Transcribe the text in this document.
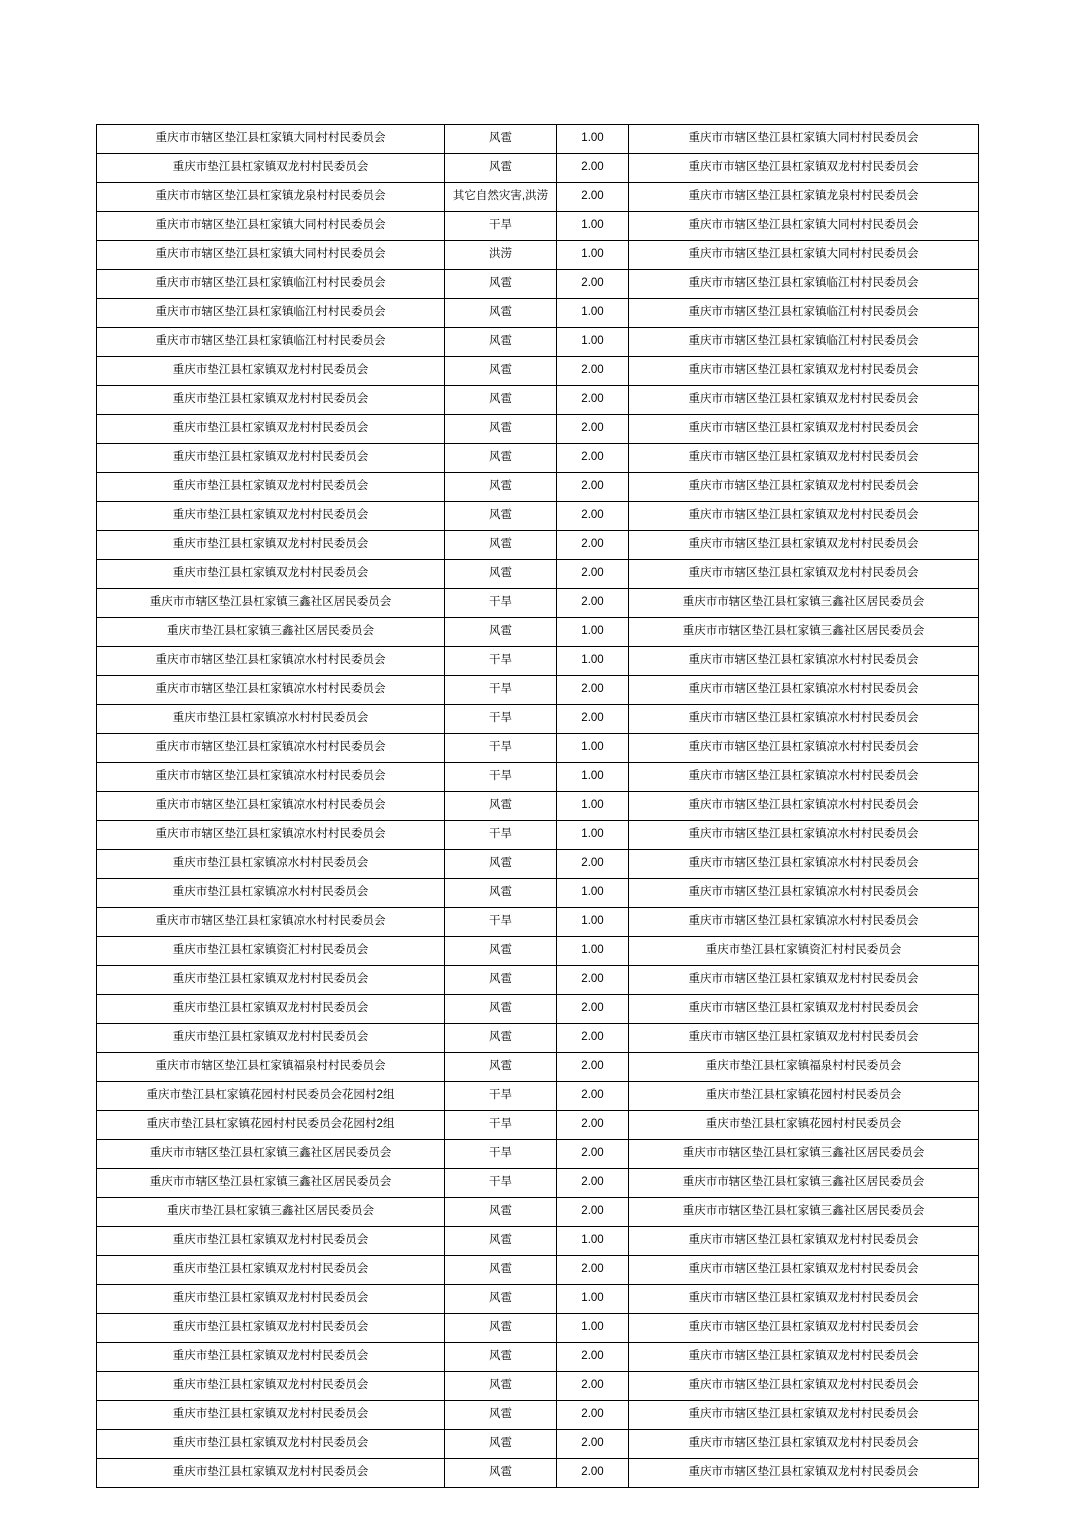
重庆市市辖区垫江县杠家镇大同村村民委员会	风雹	1.00	重庆市市辖区垫江县杠家镇大同村村民委员会
重庆市垫江县杠家镇双龙村村民委员会	风雹	2.00	重庆市市辖区垫江县杠家镇双龙村村民委员会
重庆市市辖区垫江县杠家镇龙泉村村民委员会	其它自然灾害,洪涝	2.00	重庆市市辖区垫江县杠家镇龙泉村村民委员会
重庆市市辖区垫江县杠家镇大同村村民委员会	干旱	1.00	重庆市市辖区垫江县杠家镇大同村村民委员会
重庆市市辖区垫江县杠家镇大同村村民委员会	洪涝	1.00	重庆市市辖区垫江县杠家镇大同村村民委员会
重庆市市辖区垫江县杠家镇临江村村民委员会	风雹	2.00	重庆市市辖区垫江县杠家镇临江村村民委员会
重庆市市辖区垫江县杠家镇临江村村民委员会	风雹	1.00	重庆市市辖区垫江县杠家镇临江村村民委员会
重庆市市辖区垫江县杠家镇临江村村民委员会	风雹	1.00	重庆市市辖区垫江县杠家镇临江村村民委员会
重庆市垫江县杠家镇双龙村村民委员会	风雹	2.00	重庆市市辖区垫江县杠家镇双龙村村民委员会
重庆市垫江县杠家镇双龙村村民委员会	风雹	2.00	重庆市市辖区垫江县杠家镇双龙村村民委员会
重庆市垫江县杠家镇双龙村村民委员会	风雹	2.00	重庆市市辖区垫江县杠家镇双龙村村民委员会
重庆市垫江县杠家镇双龙村村民委员会	风雹	2.00	重庆市市辖区垫江县杠家镇双龙村村民委员会
重庆市垫江县杠家镇双龙村村民委员会	风雹	2.00	重庆市市辖区垫江县杠家镇双龙村村民委员会
重庆市垫江县杠家镇双龙村村民委员会	风雹	2.00	重庆市市辖区垫江县杠家镇双龙村村民委员会
重庆市垫江县杠家镇双龙村村民委员会	风雹	2.00	重庆市市辖区垫江县杠家镇双龙村村民委员会
重庆市垫江县杠家镇双龙村村民委员会	风雹	2.00	重庆市市辖区垫江县杠家镇双龙村村民委员会
重庆市市辖区垫江县杠家镇三鑫社区居民委员会	干旱	2.00	重庆市市辖区垫江县杠家镇三鑫社区居民委员会
重庆市垫江县杠家镇三鑫社区居民委员会	风雹	1.00	重庆市市辖区垫江县杠家镇三鑫社区居民委员会
重庆市市辖区垫江县杠家镇凉水村村民委员会	干旱	1.00	重庆市市辖区垫江县杠家镇凉水村村民委员会
重庆市市辖区垫江县杠家镇凉水村村民委员会	干旱	2.00	重庆市市辖区垫江县杠家镇凉水村村民委员会
重庆市垫江县杠家镇凉水村村民委员会	干旱	2.00	重庆市市辖区垫江县杠家镇凉水村村民委员会
重庆市市辖区垫江县杠家镇凉水村村民委员会	干旱	1.00	重庆市市辖区垫江县杠家镇凉水村村民委员会
重庆市市辖区垫江县杠家镇凉水村村民委员会	干旱	1.00	重庆市市辖区垫江县杠家镇凉水村村民委员会
重庆市市辖区垫江县杠家镇凉水村村民委员会	风雹	1.00	重庆市市辖区垫江县杠家镇凉水村村民委员会
重庆市市辖区垫江县杠家镇凉水村村民委员会	干旱	1.00	重庆市市辖区垫江县杠家镇凉水村村民委员会
重庆市垫江县杠家镇凉水村村民委员会	风雹	2.00	重庆市市辖区垫江县杠家镇凉水村村民委员会
重庆市垫江县杠家镇凉水村村民委员会	风雹	1.00	重庆市市辖区垫江县杠家镇凉水村村民委员会
重庆市市辖区垫江县杠家镇凉水村村民委员会	干旱	1.00	重庆市市辖区垫江县杠家镇凉水村村民委员会
重庆市垫江县杠家镇资汇村村民委员会	风雹	1.00	重庆市垫江县杠家镇资汇村村民委员会
重庆市垫江县杠家镇双龙村村民委员会	风雹	2.00	重庆市市辖区垫江县杠家镇双龙村村民委员会
重庆市垫江县杠家镇双龙村村民委员会	风雹	2.00	重庆市市辖区垫江县杠家镇双龙村村民委员会
重庆市垫江县杠家镇双龙村村民委员会	风雹	2.00	重庆市市辖区垫江县杠家镇双龙村村民委员会
重庆市市辖区垫江县杠家镇福泉村村民委员会	风雹	2.00	重庆市垫江县杠家镇福泉村村民委员会
重庆市垫江县杠家镇花园村村民委员会花园村2组	干旱	2.00	重庆市垫江县杠家镇花园村村民委员会
重庆市垫江县杠家镇花园村村民委员会花园村2组	干旱	2.00	重庆市垫江县杠家镇花园村村民委员会
重庆市市辖区垫江县杠家镇三鑫社区居民委员会	干旱	2.00	重庆市市辖区垫江县杠家镇三鑫社区居民委员会
重庆市市辖区垫江县杠家镇三鑫社区居民委员会	干旱	2.00	重庆市市辖区垫江县杠家镇三鑫社区居民委员会
重庆市垫江县杠家镇三鑫社区居民委员会	风雹	2.00	重庆市市辖区垫江县杠家镇三鑫社区居民委员会
重庆市垫江县杠家镇双龙村村民委员会	风雹	1.00	重庆市市辖区垫江县杠家镇双龙村村民委员会
重庆市垫江县杠家镇双龙村村民委员会	风雹	2.00	重庆市市辖区垫江县杠家镇双龙村村民委员会
重庆市垫江县杠家镇双龙村村民委员会	风雹	1.00	重庆市市辖区垫江县杠家镇双龙村村民委员会
重庆市垫江县杠家镇双龙村村民委员会	风雹	1.00	重庆市市辖区垫江县杠家镇双龙村村民委员会
重庆市垫江县杠家镇双龙村村民委员会	风雹	2.00	重庆市市辖区垫江县杠家镇双龙村村民委员会
重庆市垫江县杠家镇双龙村村民委员会	风雹	2.00	重庆市市辖区垫江县杠家镇双龙村村民委员会
重庆市垫江县杠家镇双龙村村民委员会	风雹	2.00	重庆市市辖区垫江县杠家镇双龙村村民委员会
重庆市垫江县杠家镇双龙村村民委员会	风雹	2.00	重庆市市辖区垫江县杠家镇双龙村村民委员会
重庆市垫江县杠家镇双龙村村民委员会	风雹	2.00	重庆市市辖区垫江县杠家镇双龙村村民委员会
